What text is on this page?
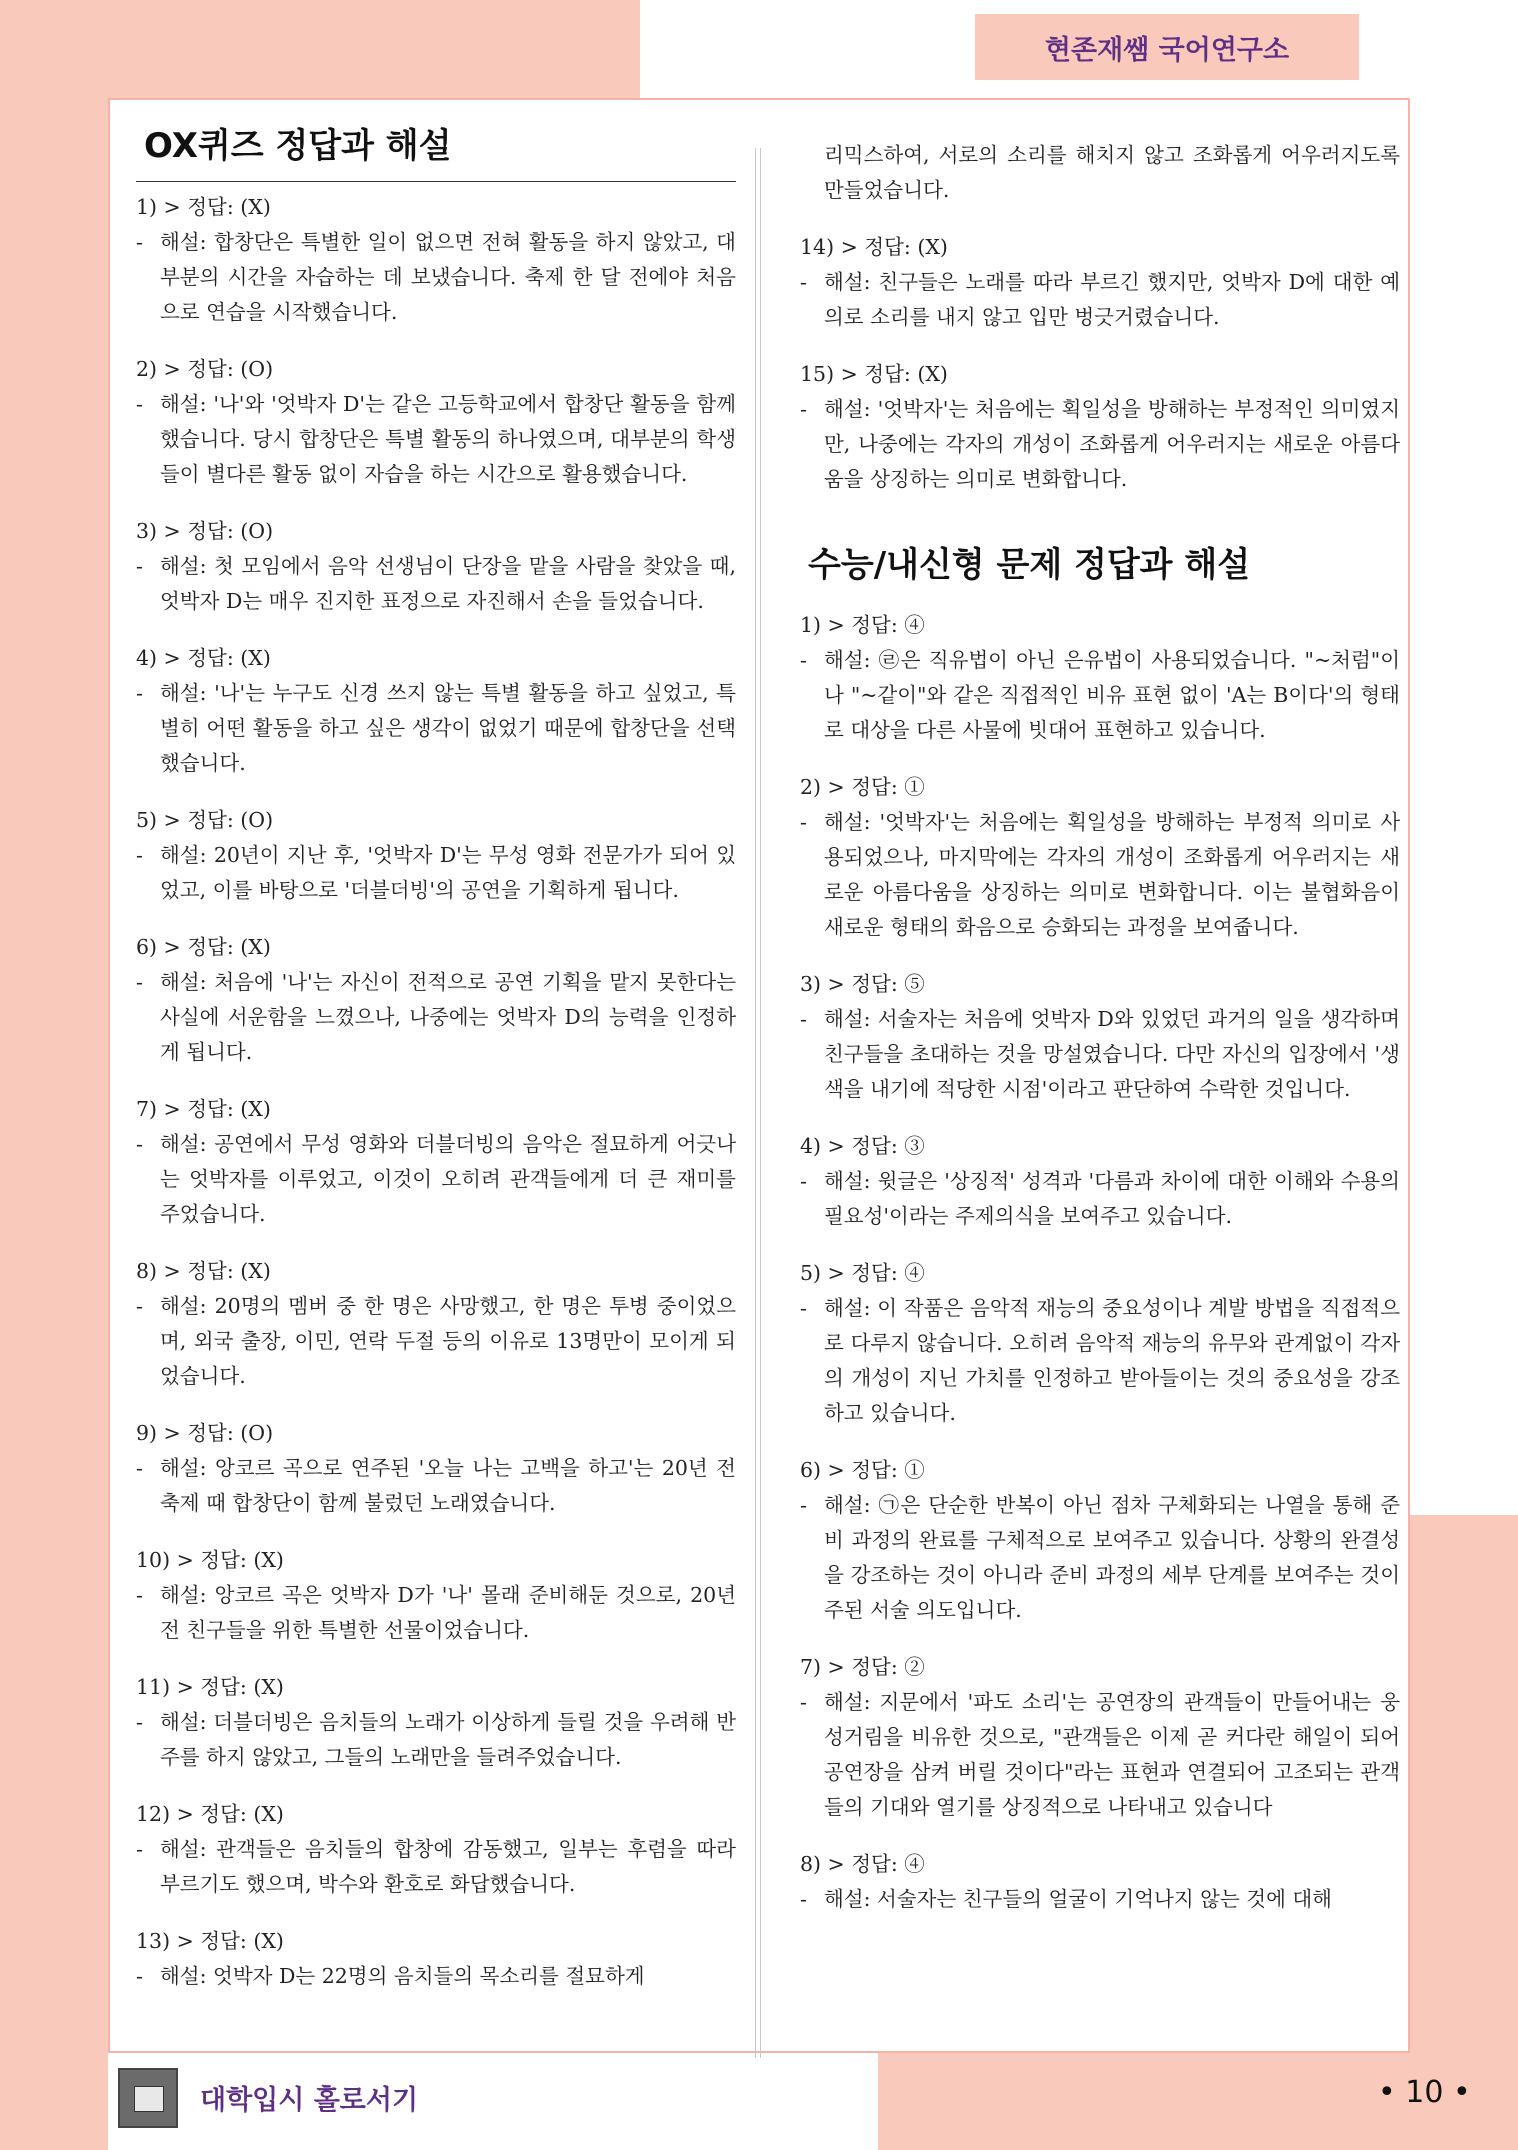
현존재쌤 국어연구소
OX퀴즈 정답과 해설

1) > 정답: (X)

- 해설: 합창단은 특별한 일이 없으면 전혀 활동을 하지 않았고, 대부분의 시간을 자습하는 데 보냈습니다. 축제 한 달 전에야 처음으로 연습을 시작했습니다.

2) > 정답: (O)

- 해설: '나'와 '엇박자 D'는 같은 고등학교에서 합창단 활동을 함께 했습니다. 당시 합창단은 특별 활동의 하나였으며, 대부분의 학생들이 별다른 활동 없이 자습을 하는 시간으로 활용했습니다.

3) > 정답: (O)

- 해설: 첫 모임에서 음악 선생님이 단장을 맡을 사람을 찾았을 때, 엇박자 D는 매우 진지한 표정으로 자진해서 손을 들었습니다.

4) > 정답: (X)

- 해설: '나'는 누구도 신경 쓰지 않는 특별 활동을 하고 싶었고, 특별히 어떤 활동을 하고 싶은 생각이 없었기 때문에 합창단을 선택했습니다.

5) > 정답: (O)

- 해설: 20년이 지난 후, '엇박자 D'는 무성 영화 전문가가 되어 있었고, 이를 바탕으로 '더블더빙'의 공연을 기획하게 됩니다.

6) > 정답: (X)

- 해설: 처음에 '나'는 자신이 전적으로 공연 기획을 맡지 못한다는 사실에 서운함을 느꼈으나, 나중에는 엇박자 D의 능력을 인정하게 됩니다.

7) > 정답: (X)

- 해설: 공연에서 무성 영화와 더블더빙의 음악은 절묘하게 어긋나는 엇박자를 이루었고, 이것이 오히려 관객들에게 더 큰 재미를 주었습니다.

8) > 정답: (X)

- 해설: 20명의 멤버 중 한 명은 사망했고, 한 명은 투병 중이었으며, 외국 출장, 이민, 연락 두절 등의 이유로 13명만이 모이게 되었습니다.

9) > 정답: (O)

- 해설: 앙코르 곡으로 연주된 '오늘 나는 고백을 하고'는 20년 전 축제 때 합창단이 함께 불렀던 노래였습니다.

10) > 정답: (X)

- 해설: 앙코르 곡은 엇박자 D가 '나' 몰래 준비해둔 것으로, 20년 전 친구들을 위한 특별한 선물이었습니다.

11) > 정답: (X)

- 해설: 더블더빙은 음치들의 노래가 이상하게 들릴 것을 우려해 반주를 하지 않았고, 그들의 노래만을 들려주었습니다.

12) > 정답: (X)

- 해설: 관객들은 음치들의 합창에 감동했고, 일부는 후렴을 따라 부르기도 했으며, 박수와 환호로 화답했습니다.

13) > 정답: (X)

- 해설: 엇박자 D는 22명의 음치들의 목소리를 절묘하게

리믹스하여, 서로의 소리를 해치지 않고 조화롭게 어우러지도록 만들었습니다.

14) > 정답: (X)

- 해설: 친구들은 노래를 따라 부르긴 했지만, 엇박자 D에 대한 예의로 소리를 내지 않고 입만 벙긋거렸습니다.

15) > 정답: (X)

- 해설: '엇박자'는 처음에는 획일성을 방해하는 부정적인 의미였지만, 나중에는 각자의 개성이 조화롭게 어우러지는 새로운 아름다움을 상징하는 의미로 변화합니다.

수능/내신형 문제 정답과 해설

1) > 정답: ④

- 해설: ㉣은 직유법이 아닌 은유법이 사용되었습니다. "~처럼"이나 "~같이"와 같은 직접적인 비유 표현 없이 'A는 B이다'의 형태로 대상을 다른 사물에 빗대어 표현하고 있습니다.

2) > 정답: ①

- 해설: '엇박자'는 처음에는 획일성을 방해하는 부정적 의미로 사용되었으나, 마지막에는 각자의 개성이 조화롭게 어우러지는 새로운 아름다움을 상징하는 의미로 변화합니다. 이는 불협화음이 새로운 형태의 화음으로 승화되는 과정을 보여줍니다.

3) > 정답: ⑤

- 해설: 서술자는 처음에 엇박자 D와 있었던 과거의 일을 생각하며 친구들을 초대하는 것을 망설였습니다. 다만 자신의 입장에서 '생색을 내기에 적당한 시점'이라고 판단하여 수락한 것입니다.

4) > 정답: ③

- 해설: 윗글은 '상징적' 성격과 '다름과 차이에 대한 이해와 수용의 필요성'이라는 주제의식을 보여주고 있습니다.

5) > 정답: ④

- 해설: 이 작품은 음악적 재능의 중요성이나 계발 방법을 직접적으로 다루지 않습니다. 오히려 음악적 재능의 유무와 관계없이 각자의 개성이 지닌 가치를 인정하고 받아들이는 것의 중요성을 강조하고 있습니다.

6) > 정답: ①

- 해설: ㉠은 단순한 반복이 아닌 점차 구체화되는 나열을 통해 준비 과정의 완료를 구체적으로 보여주고 있습니다. 상황의 완결성을 강조하는 것이 아니라 준비 과정의 세부 단계를 보여주는 것이 주된 서술 의도입니다.

7) > 정답: ②

- 해설: 지문에서 '파도 소리'는 공연장의 관객들이 만들어내는 웅성거림을 비유한 것으로, "관객들은 이제 곧 커다란 해일이 되어 공연장을 삼켜 버릴 것이다"라는 표현과 연결되어 고조되는 관객들의 기대와 열기를 상징적으로 나타내고 있습니다

8) > 정답: ④

- 해설: 서술자는 친구들의 얼굴이 기억나지 않는 것에 대해

대학입시 홀로서기	• 10 •
